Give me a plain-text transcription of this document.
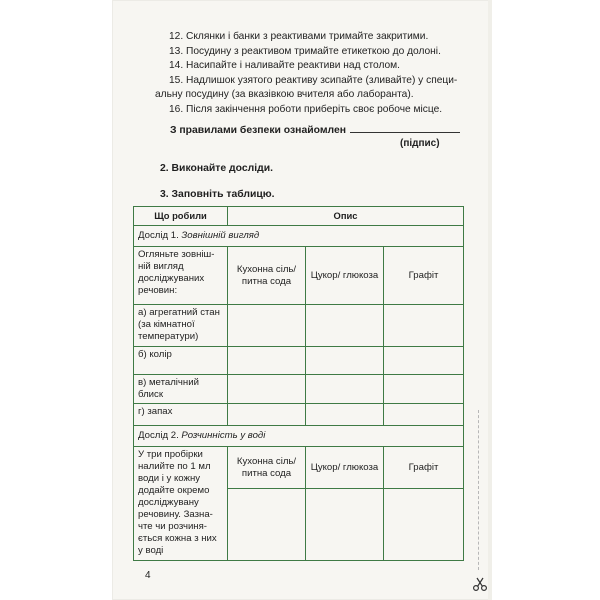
12. Склянки і банки з реактивами тримайте закритими.
13. Посудину з реактивом тримайте етикеткою до долоні.
14. Насипайте і наливайте реактиви над столом.
15. Надлишок узятого реактиву зсипайте (зливайте) у специ-
альну посудину (за вказівкою вчителя або лаборанта).
16. Після закінчення роботи приберіть своє робоче місце.
З правилами безпеки ознайомлен
(підпис)
2. Виконайте досліди.
3. Заповніть таблицю.
Що робили	Опис		
Дослід 1. Зовнішній вигляд			
Огляньте зовніш-ній вигляд досліджуваних речовин:	Кухонна сіль/питна сода	Цукор/ глюкоза	Графіт
а) агрегатний стан (за кімнатної температури)			
б) колір			
в) металічний блиск			
г) запах			
Дослід 2. Розчинність у воді			
У три пробірки налийте по 1 мл води і у кожну додайте окремо досліджувану речовину. Зазна-чте чи розчиня-ється кожна з них у воді	Кухонна сіль/питна сода	Цукор/ глюкоза	Графіт

4
